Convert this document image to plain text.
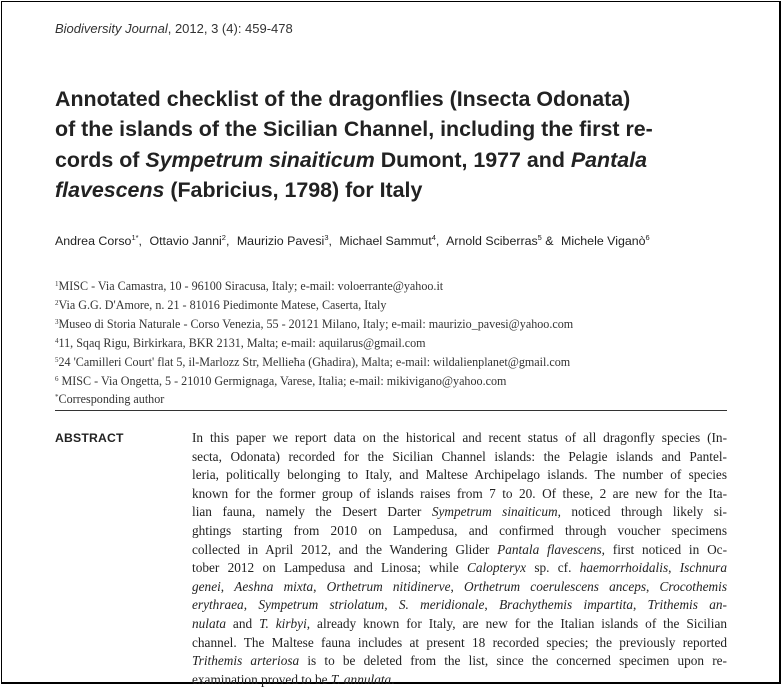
Biodiversity Journal, 2012, 3 (4): 459-478
Annotated checklist of the dragonflies (Insecta Odonata)
of the islands of the Sicilian Channel, including the first re-
cords of Sympetrum sinaiticum Dumont, 1977 and Pantala
flavescens (Fabricius, 1798) for Italy
Andrea Corso$^{1*}$, Ottavio Janni$^2$, Maurizio Pavesi$^3$, Michael Sammut$^4$, Arnold Sciberras$^5$ & Michele Viganò$^6$
$^1$MISC - Via Camastra, 10 - 96100 Siracusa, Italy; e-mail: voloerrante@yahoo.it
$^2$Via G.G. D'Amore, n. 21 - 81016 Piedimonte Matese, Caserta, Italy
$^3$Museo di Storia Naturale - Corso Venezia, 55 - 20121 Milano, Italy; e-mail: maurizio_pavesi@yahoo.com
$^4$11, Sqaq Rigu, Birkirkara, BKR 2131, Malta; e-mail: aquilarus@gmail.com
$^5$24 'Camilleri Court' flat 5, il-Marlozz Str, Mellieħa (Għadira), Malta; e-mail: wildalienplanet@gmail.com
$^6$ MISC - Via Ongetta, 5 - 21010 Germignaga, Varese, Italia; e-mail: mikivigano@yahoo.com
*Corresponding author
ABSTRACT	In this paper we report data on the historical and recent status of all dragonfly species (In-
secta, Odonata) recorded for the Sicilian Channel islands: the Pelagie islands and Pantel-
leria, politically belonging to Italy, and Maltese Archipelago islands. The number of species
known for the former group of islands raises from 7 to 20. Of these, 2 are new for the Ita-
lian fauna, namely the Desert Darter Sympetrum sinaiticum, noticed through likely si-
ghtings starting from 2010 on Lampedusa, and confirmed through voucher specimens
collected in April 2012, and the Wandering Glider Pantala flavescens, first noticed in Oc-
tober 2012 on Lampedusa and Linosa; while Calopteryx sp. cf. haemorrhoidalis, Ischnura
genei, Aeshna mixta, Orthetrum nitidinerve, Orthetrum coerulescens anceps, Crocothemis
erythraea, Sympetrum striolatum, S. meridionale, Brachythemis impartita, Trithemis an-
nulata and T. kirbyi, already known for Italy, are new for the Italian islands of the Sicilian
channel. The Maltese fauna includes at present 18 recorded species; the previously reported
Trithemis arteriosa is to be deleted from the list, since the concerned specimen upon re-
examination proved to be T. annulata.
